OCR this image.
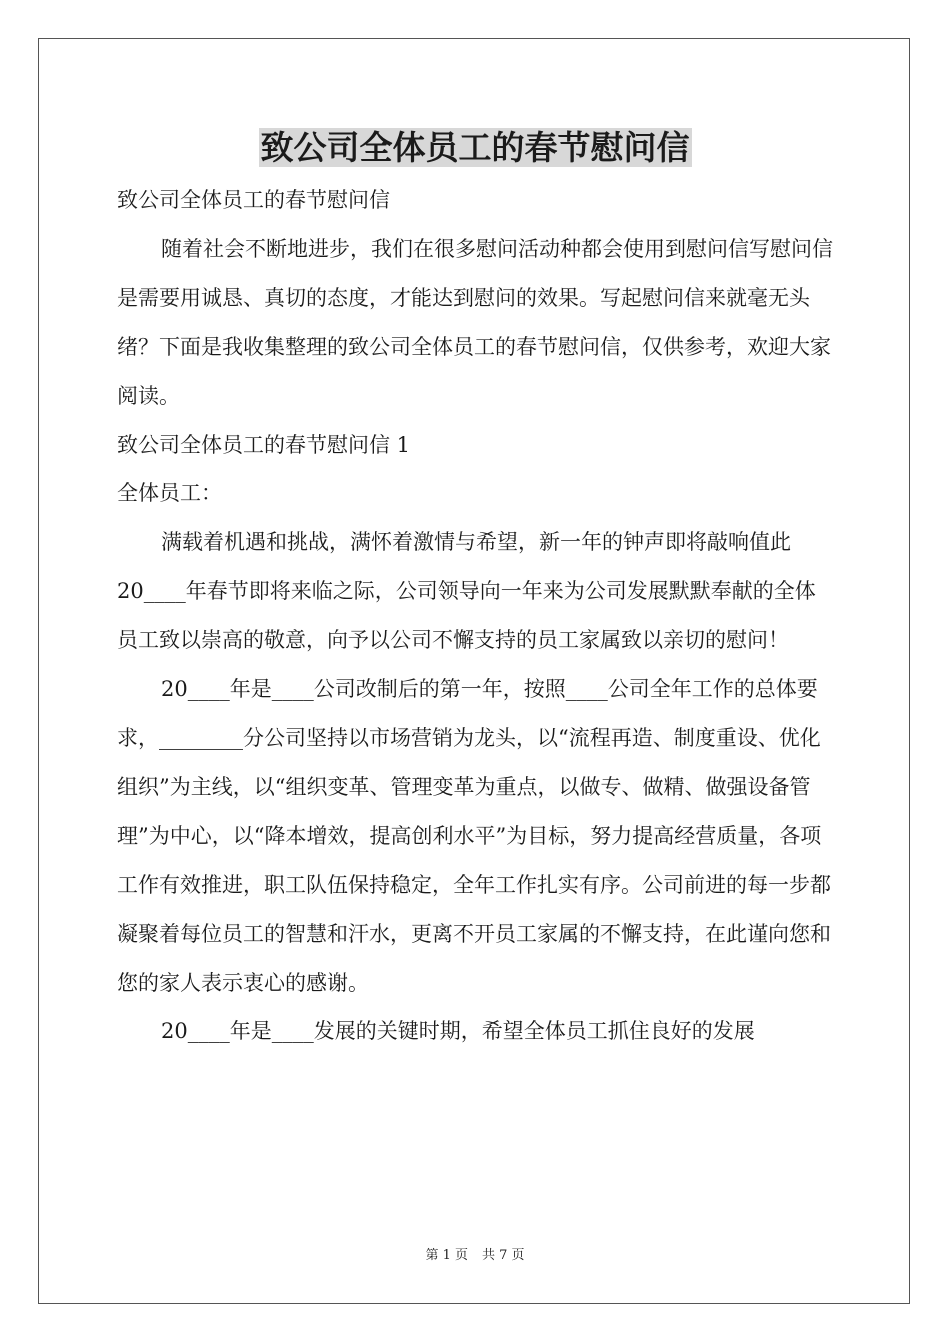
致公司全体员工的春节慰问信

致公司全体员工的春节慰问信

随着社会不断地进步，我们在很多慰问活动种都会使用到慰问信写慰问信是需要用诚恳、真切的态度，才能达到慰问的效果。写起慰问信来就毫无头绪？下面是我收集整理的致公司全体员工的春节慰问信，仅供参考，欢迎大家阅读。

致公司全体员工的春节慰问信 1

全体员工：

满载着机遇和挑战，满怀着激情与希望，新一年的钟声即将敲响值此 20____年春节即将来临之际，公司领导向一年来为公司发展默默奉献的全体员工致以崇高的敬意，向予以公司不懈支持的员工家属致以亲切的慰问！

20____年是____公司改制后的第一年，按照____公司全年工作的总体要求，________分公司坚持以市场营销为龙头，以“流程再造、制度重设、优化组织”为主线，以“组织变革、管理变革为重点，以做专、做精、做强设备管理”为中心，以“降本增效，提高创利水平”为目标，努力提高经营质量，各项工作有效推进，职工队伍保持稳定，全年工作扎实有序。公司前进的每一步都凝聚着每位员工的智慧和汗水，更离不开员工家属的不懈支持，在此谨向您和您的家人表示衷心的感谢。

20____年是____发展的关键时期，希望全体员工抓住良好的发展

第 1 页 共 7 页
